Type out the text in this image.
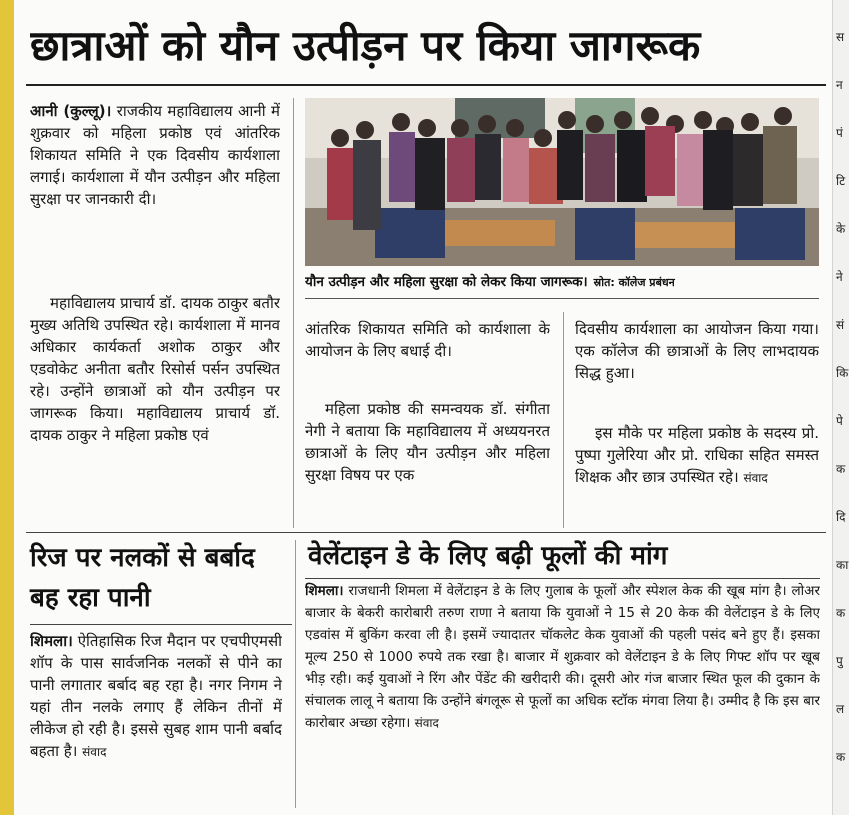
छात्राओं को यौन उत्पीड़न पर किया जागरूक

आनी (कुल्लू)। राजकीय महाविद्यालय आनी में शुक्रवार को महिला प्रकोष्ठ एवं आंतरिक शिकायत समिति ने एक दिवसीय कार्यशाला लगाई। कार्यशाला में यौन उत्पीड़न और महिला सुरक्षा पर जानकारी दी।

महाविद्यालय प्राचार्य डॉ. दायक ठाकुर बतौर मुख्य अतिथि उपस्थित रहे। कार्यशाला में मानव अधिकार कार्यकर्ता अशोक ठाकुर और एडवोकेट अनीता बतौर रिसोर्स पर्सन उपस्थित रहे। उन्होंने छात्राओं को यौन उत्पीड़न पर जागरूक किया। महाविद्यालय प्राचार्य डॉ. दायक ठाकुर ने महिला प्रकोष्ठ एवं

यौन उत्पीड़न और महिला सुरक्षा को लेकर किया जागरूक। स्रोत: कॉलेज प्रबंधन

आंतरिक शिकायत समिति को कार्यशाला के आयोजन के लिए बधाई दी।

महिला प्रकोष्ठ की समन्वयक डॉ. संगीता नेगी ने बताया कि महाविद्यालय में अध्ययनरत छात्राओं के लिए यौन उत्पीड़न और महिला सुरक्षा विषय पर एक

दिवसीय कार्यशाला का आयोजन किया गया। एक कॉलेज की छात्राओं के लिए लाभदायक सिद्ध हुआ।

इस मौके पर महिला प्रकोष्ठ के सदस्य प्रो. पुष्पा गुलेरिया और प्रो. राधिका सहित समस्त शिक्षक और छात्र उपस्थित रहे। संवाद

रिज पर नलकों से बर्बाद बह रहा पानी

शिमला। ऐतिहासिक रिज मैदान पर एचपीएमसी शॉप के पास सार्वजनिक नलकों से पीने का पानी लगातार बर्बाद बह रहा है। नगर निगम ने यहां तीन नलके लगाए हैं लेकिन तीनों में लीकेज हो रही है। इससे सुबह शाम पानी बर्बाद बहता है। संवाद

वेलेंटाइन डे के लिए बढ़ी फूलों की मांग

शिमला। राजधानी शिमला में वेलेंटाइन डे के लिए गुलाब के फूलों और स्पेशल केक की खूब मांग है। लोअर बाजार के बेकरी कारोबारी तरुण राणा ने बताया कि युवाओं ने 15 से 20 केक की वेलेंटाइन डे के लिए एडवांस में बुकिंग करवा ली है। इसमें ज्यादातर चॉकलेट केक युवाओं की पहली पसंद बने हुए हैं। इसका मूल्य 250 से 1000 रुपये तक रखा है। बाजार में शुक्रवार को वेलेंटाइन डे के लिए गिफ्ट शॉप पर खूब भीड़ रही। कई युवाओं ने रिंग और पेंडेंट की खरीदारी की। दूसरी ओर गंज बाजार स्थित फूल की दुकान के संचालक लालू ने बताया कि उन्होंने बंगलूरू से फूलों का अधिक स्टॉक मंगवा लिया है। उम्मीद है कि इस बार कारोबार अच्छा रहेगा। संवाद

स
न
पं
टि
के
ने
सं
कि
पे
क
दि
का
क
पु
ल
क
